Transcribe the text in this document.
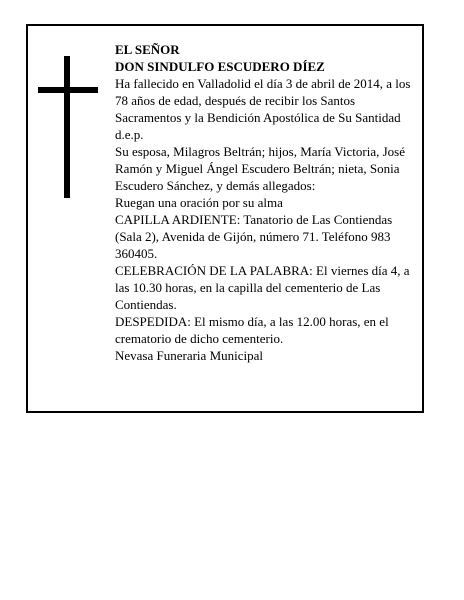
EL SEÑOR

DON SINDULFO ESCUDERO DÍEZ

Ha fallecido en Valladolid el día 3 de abril de 2014, a los 78 años de edad, después de recibir los Santos Sacramentos y la Bendición Apostólica de Su Santidad d.e.p.

Su esposa, Milagros Beltrán; hijos, María Victoria, José Ramón y Miguel Ángel Escudero Beltrán; nieta, Sonia Escudero Sánchez, y demás allegados:

Ruegan una oración por su alma

CAPILLA ARDIENTE: Tanatorio de Las Contiendas (Sala 2), Avenida de Gijón, número 71. Teléfono 983 360405.

CELEBRACIÓN DE LA PALABRA: El viernes día 4, a las 10.30 horas, en la capilla del cementerio de Las Contiendas.

DESPEDIDA: El mismo día, a las 12.00 horas, en el crematorio de dicho cementerio.

Nevasa Funeraria Municipal
